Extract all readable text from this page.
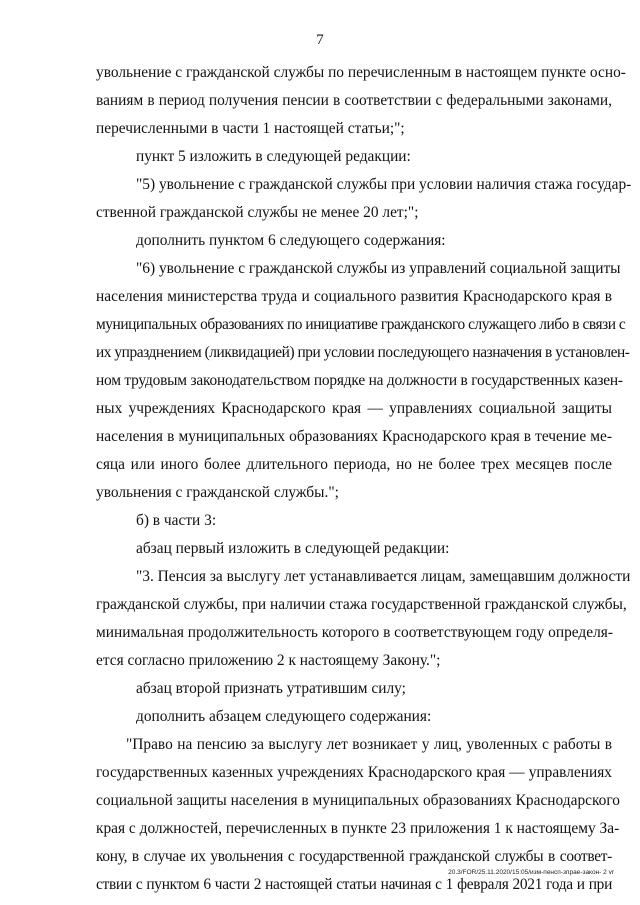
7
увольнение с гражданской службы по перечисленным в настоящем пункте осно-
ваниям в период получения пенсии в соответствии с федеральными законами,
перечисленными в части 1 настоящей статьи;";
пункт 5 изложить в следующей редакции:
"5) увольнение с гражданской службы при условии наличия стажа государ-
ственной гражданской службы не менее 20 лет;";
дополнить пунктом 6 следующего содержания:
"6) увольнение с гражданской службы из управлений социальной защиты
населения министерства труда и социального развития Краснодарского края в
муниципальных образованиях по инициативе гражданского служащего либо в связи с
их упразднением (ликвидацией) при условии последующего назначения в установлен-
ном трудовым законодательством порядке на должности в государственных казен-
ных учреждениях Краснодарского края — управлениях социальной защиты
населения в муниципальных образованиях Краснодарского края в течение ме-
сяца или иного более длительного периода, но не более трех месяцев после
увольнения с гражданской службы.";
б) в части 3:
абзац первый изложить в следующей редакции:
"3. Пенсия за выслугу лет устанавливается лицам, замещавшим должности
гражданской службы, при наличии стажа государственной гражданской службы,
минимальная продолжительность которого в соответствующем году определя-
ется согласно приложению 2 к настоящему Закону.";
абзац второй признать утратившим силу;
дополнить абзацем следующего содержания:
"Право на пенсию за выслугу лет возникает у лиц, уволенных с работы в
государственных казенных учреждениях Краснодарского края — управлениях
социальной защиты населения в муниципальных образованиях Краснодарского
края с должностей, перечисленных в пункте 23 приложения 1 к настоящему За-
кону, в случае их увольнения с государственной гражданской службы в соответ-
ствии с пунктом 6 части 2 настоящей статьи начиная с 1 февраля 2021 года и при
20.3/FOR/25.11.2020/15:05/изм-пенсп-зпрае-закон- 2 vr
